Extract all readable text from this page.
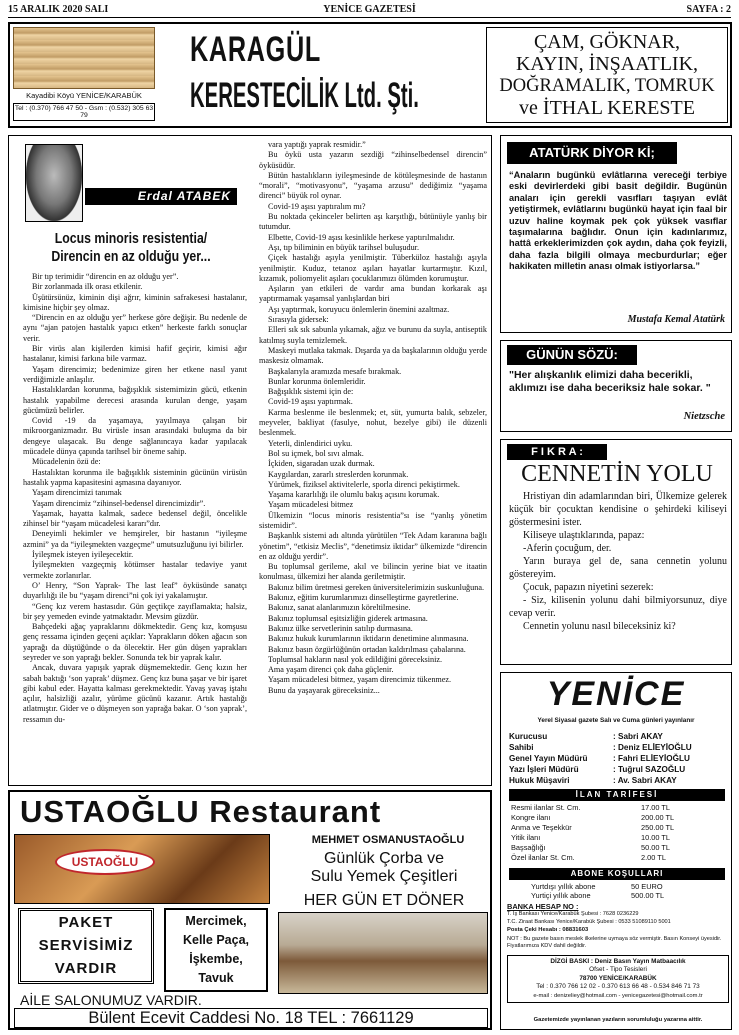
15 ARALIK 2020 SALI	YENİCE GAZETESİ	SAYFA : 2
Kayadibi Köyü YENİCE/KARABÜK
Tel : (0.370) 766 47 50 - Gsm : (0.532) 305 63 79
KARAGÜL
KERESTECİLİK Ltd. Şti.
ÇAM, GÖKNAR,
KAYIN, İNŞAATLIK,
DOĞRAMALIK, TOMRUK
ve İTHAL KERESTE
Erdal ATABEK
Locus minoris resistentia/
Direncin en az olduğu yer...

Bir tıp terimidir “direncin en az olduğu yer”.

Bir zorlanmada ilk orası etkilenir.

Üşütürsünüz, kiminin dişi ağrır, kiminin safrakesesi hastalanır, kimisine hiçbir şey olmaz.

“Direncin en az olduğu yer” herkese göre değişir. Bu nedenle de aynı “ajan patojen hastalık yapıcı etken” herkeste farklı sonuçlar verir.

Bir virüs alan kişilerden kimisi hafif geçirir, kimisi ağır hastalanır, kimisi farkına bile varmaz.

Yaşam direncimiz; bedenimize giren her etkene nasıl yanıt verdiğimizle anlaşılır.

Hastalıklardan korunma, bağışıklık sistemimizin gücü, etkenin hastalık yapabilme derecesi arasında kurulan denge, yaşam gücümüzü belirler.

Covid -19 da yaşamaya, yayılmaya çalışan bir mikroorganizmadır. Bu virüsle insan arasındaki buluşma da bir dengeye ulaşacak. Bu denge sağlanıncaya kadar yapılacak mücadele dünya çapında tarihsel bir öneme sahip.

Mücadelenin özü de:

Hastalıktan korunma ile bağışıklık sisteminin gücünün virüsün hastalık yapma kapasitesini aşmasına dayanıyor.

Yaşam direncimizi tanımak

Yaşam direncimiz “zihinsel-bedensel direncimizdir”.

Yaşamak, hayatta kalmak, sadece bedensel değil, öncelikle zihinsel bir “yaşam mücadelesi kararı”dır.

Deneyimli hekimler ve hemşireler, bir hastanın “iyileşme azmini” ya da “iyileşmekten vazgeçme” umutsuzluğunu iyi bilirler.

İyileşmek isteyen iyileşecektir.

İyileşmekten vazgeçmiş kötümser hastalar tedaviye yanıt vermekte zorlanırlar.

O’ Henry, “Son Yaprak- The last leaf” öyküsünde sanatçı duyarlılığı ile bu “yaşam direnci”ni çok iyi yakalamıştır.

“Genç kız verem hastasıdır. Gün geçtikçe zayıflamakta; halsiz, bir şey yemeden evinde yatmaktadır. Mevsim güzdür.

Bahçedeki ağaç yapraklarını dökmektedir. Genç kız, komşusu genç ressama içinden geçeni açıklar: Yaprakların döken ağacın son yaprağı da düştüğünde o da ölecektir. Her gün düşen yaprakları seyreder ve son yaprağı bekler. Sonunda tek bir yaprak kalır.

Ancak, duvara yapışık yaprak düşmemektedir. Genç kızın her sabah baktığı ‘son yaprak’ düşmez. Genç kız buna şaşar ve bir işaret gibi kabul eder. Hayatta kalması gerekmektedir. Yavaş yavaş iştahı açılır, halsizliği azalır, yürüme gücünü kazanır. Artık hastalığı atlatmıştır. Gider ve o düşmeyen son yaprağa bakar. O ‘son yaprak’, ressamın du-

vara yaptığı yaprak resmidir.”

Bu öykü usta yazarın sezdiği “zihinselbedensel direncin” öyküsüdür.

Bütün hastalıkların iyileşmesinde de kötüleşmesinde de hastanın “morali”, “motivasyonu”, “yaşama arzusu” dediğimiz “yaşama direnci” büyük rol oynar.

Covid-19 aşısı yaptıralım mı?

Bu noktada çekinceler belirten aşı karşıtlığı, bütünüyle yanlış bir tutumdur.

Elbette, Covid-19 aşısı kesinlikle herkese yaptırılmalıdır.

Aşı, tıp biliminin en büyük tarihsel buluşudur.

Çiçek hastalığı aşıyla yenilmiştir. Tüberküloz hastalığı aşıyla yenilmiştir. Kuduz, tetanoz aşıları hayatlar kurtarmıştır. Kızıl, kızamık, poliomyelit aşıları çocuklarımızı ölümden korumuştur.

Aşıların yan etkileri de vardır ama bundan korkarak aşı yaptırmamak yaşamsal yanlışlardan biri

Aşı yaptırmak, koruyucu önlemlerin önemini azaltmaz.

Sırasıyla gidersek:

Elleri sık sık sabunla yıkamak, ağız ve burunu da suyla, antiseptik katılmış suyla temizlemek.

Maskeyi mutlaka takmak. Dışarda ya da başkalarının olduğu yerde maskesiz olmamak.

Başkalarıyla aramızda mesafe bırakmak.

Bunlar korunma önlemleridir.

Bağışıklık sistemi için de:

Covid-19 aşısı yaptırmak.

Karma beslenme ile beslenmek; et, süt, yumurta balık, sebzeler, meyveler, bakliyat (fasulye, nohut, bezelye gibi) ile düzenli beslenmek.

Yeterli, dinlendirici uyku.

Bol su içmek, bol sıvı almak.

İçkiden, sigaradan uzak durmak.

Kaygılardan, zararlı streslerden korunmak.

Yürümek, fiziksel aktivitelerle, sporla direnci pekiştirmek.

Yaşama kararlılığı ile olumlu bakış açısını korumak.

Yaşam mücadelesi bitmez

Ülkemizin “locus minoris resistentia”sı ise “yanlış yönetim sistemidir”.

Başkanlık sistemi adı altında yürütülen “Tek Adam karanına bağlı yönetim”, “etkisiz Meclis”, “denetimsiz iktidar” ülkemizde “direncin en az olduğu yerdir”.

Bu toplumsal gerileme, akıl ve bilincin yerine biat ve itaatin konulması, ülkemizi her alanda geriletmiştir.

Bakınız bilim üretmesi gereken üniversitelerimizin suskunluğuna.

Bakınız, eğitim kurumlarımızı dinselleştirme gayretlerine.

Bakınız, sanat alanlarımızın köreltilmesine.

Bakınız toplumsal eşitsizliğin giderek artmasına.

Bakınız ülke servetlerinin satılıp durmasına.

Bakınız hukuk kurumlarının iktidarın denetimine alınmasına.

Bakınız basın özgürlüğünün ortadan kaldırılması çabalarına.

Toplumsal hakların nasıl yok edildiğini göreceksiniz.

Ama yaşam direnci çok daha güçlenir.

Yaşam mücadelesi bitmez, yaşam direncimiz tükenmez.

Bunu da yaşayarak göreceksiniz...

ATATÜRK DİYOR Kİ;
“Anaların bugünkü evlâtlarına vereceği terbiye eski devirlerdeki gibi basit değildir. Bugünün anaları için gerekli vasıfları taşıyan evlât yetiştirmek, evlâtlarını bugünkü hayat için faal bir uzuv haline koymak pek çok yüksek vasıflar taşımalarına bağlıdır. Onun için kadınlarımız, hattâ erkeklerimizden çok aydın, daha çok feyizli, daha fazla bilgili olmaya mecburdurlar; eğer hakikaten milletin anası olmak istiyorlarsa.”
Mustafa Kemal Atatürk
GÜNÜN SÖZÜ:
"Her alışkanlık elimizi daha becerikli, aklımızı ise daha beceriksiz hale sokar. "
Nietzsche
F I K R A :
CENNETİN YOLU

Hristiyan din adamlarından biri, Ülkemize gelerek küçük bir çocuktan kendisine o şehirdeki kiliseyi göstermesini ister.

Kiliseye ulaştıklarında, papaz:

-Aferin çocuğum, der.

Yarın buraya gel de, sana cennetin yolunu göstereyim.

Çocuk, papazın niyetini sezerek:

- Siz, kilisenin yolunu dahi bilmiyorsunuz, diye cevap verir.

Cennetin yolunu nasıl bileceksiniz ki?

YENİCE
Yerel Siyasal gazete Salı ve Cuma günleri yayınlanır
Kurucusu	: Sabri AKAY
Sahibi	: Deniz ELİEYİOĞLU
Genel Yayın Müdürü	: Fahri ELİEYİOĞLU
Yazı İşleri Müdürü	: Tuğrul SAZOĞLU
Hukuk Müşaviri	: Av. Sabri AKAY
İLAN TARİFESİ
Resmi ilanlar St. Cm.	17.00 TL
Kongre ilanı	200.00 TL
Anma ve Teşekkür	250.00 TL
Yitik ilanı	10.00 TL
Başsağlığı	50.00 TL
Özel ilanlar St. Cm.	2.00 TL
ABONE KOŞULLARI
Yurtdışı yıllık abone	50 EURO
Yurtiçi yıllık abone	500.00 TL
BANKA HESAP NO :
T. İş Bankası Yenice/Karabük Şubesi : 7628 0236229
T.C. Ziraat Bankası Yenice/Karabük Şubesi : 0533 51089110 5001
Posta Çeki Hesabı : 08831603
NOT : Bu gazete basın meslek ilkelerine uymaya söz vermiştir. Basın Konseyi üyesidir. Fiyatlarımıza KDV dahil değildir.
DİZGİ BASKI : Deniz Basın Yayın Matbaacılık
Ofset - Tipo Tesisleri
78700 YENİCE/KARABÜK
Tel : 0.370 766 12 02 - 0.370 613 66 48 - 0.534 846 71 73
e-mail : denizeliey@hotmail.com - yenicegazetesi@hotmail.com.tr
Gazetemizde yayınlanan yazıların sorumluluğu yazarına aittir.
USTAOĞLU Restaurant
USTAOĞLU
MEHMET OSMANUSTAOĞLU
Günlük Çorba ve
Sulu Yemek Çeşitleri
HER GÜN ET DÖNER
PAKET
SERVİSİMİZ
VARDIR
Mercimek,
Kelle Paça,
İşkembe,
Tavuk
AİLE SALONUMUZ VARDIR.
Bülent Ecevit Caddesi No. 18 TEL : 7661129
